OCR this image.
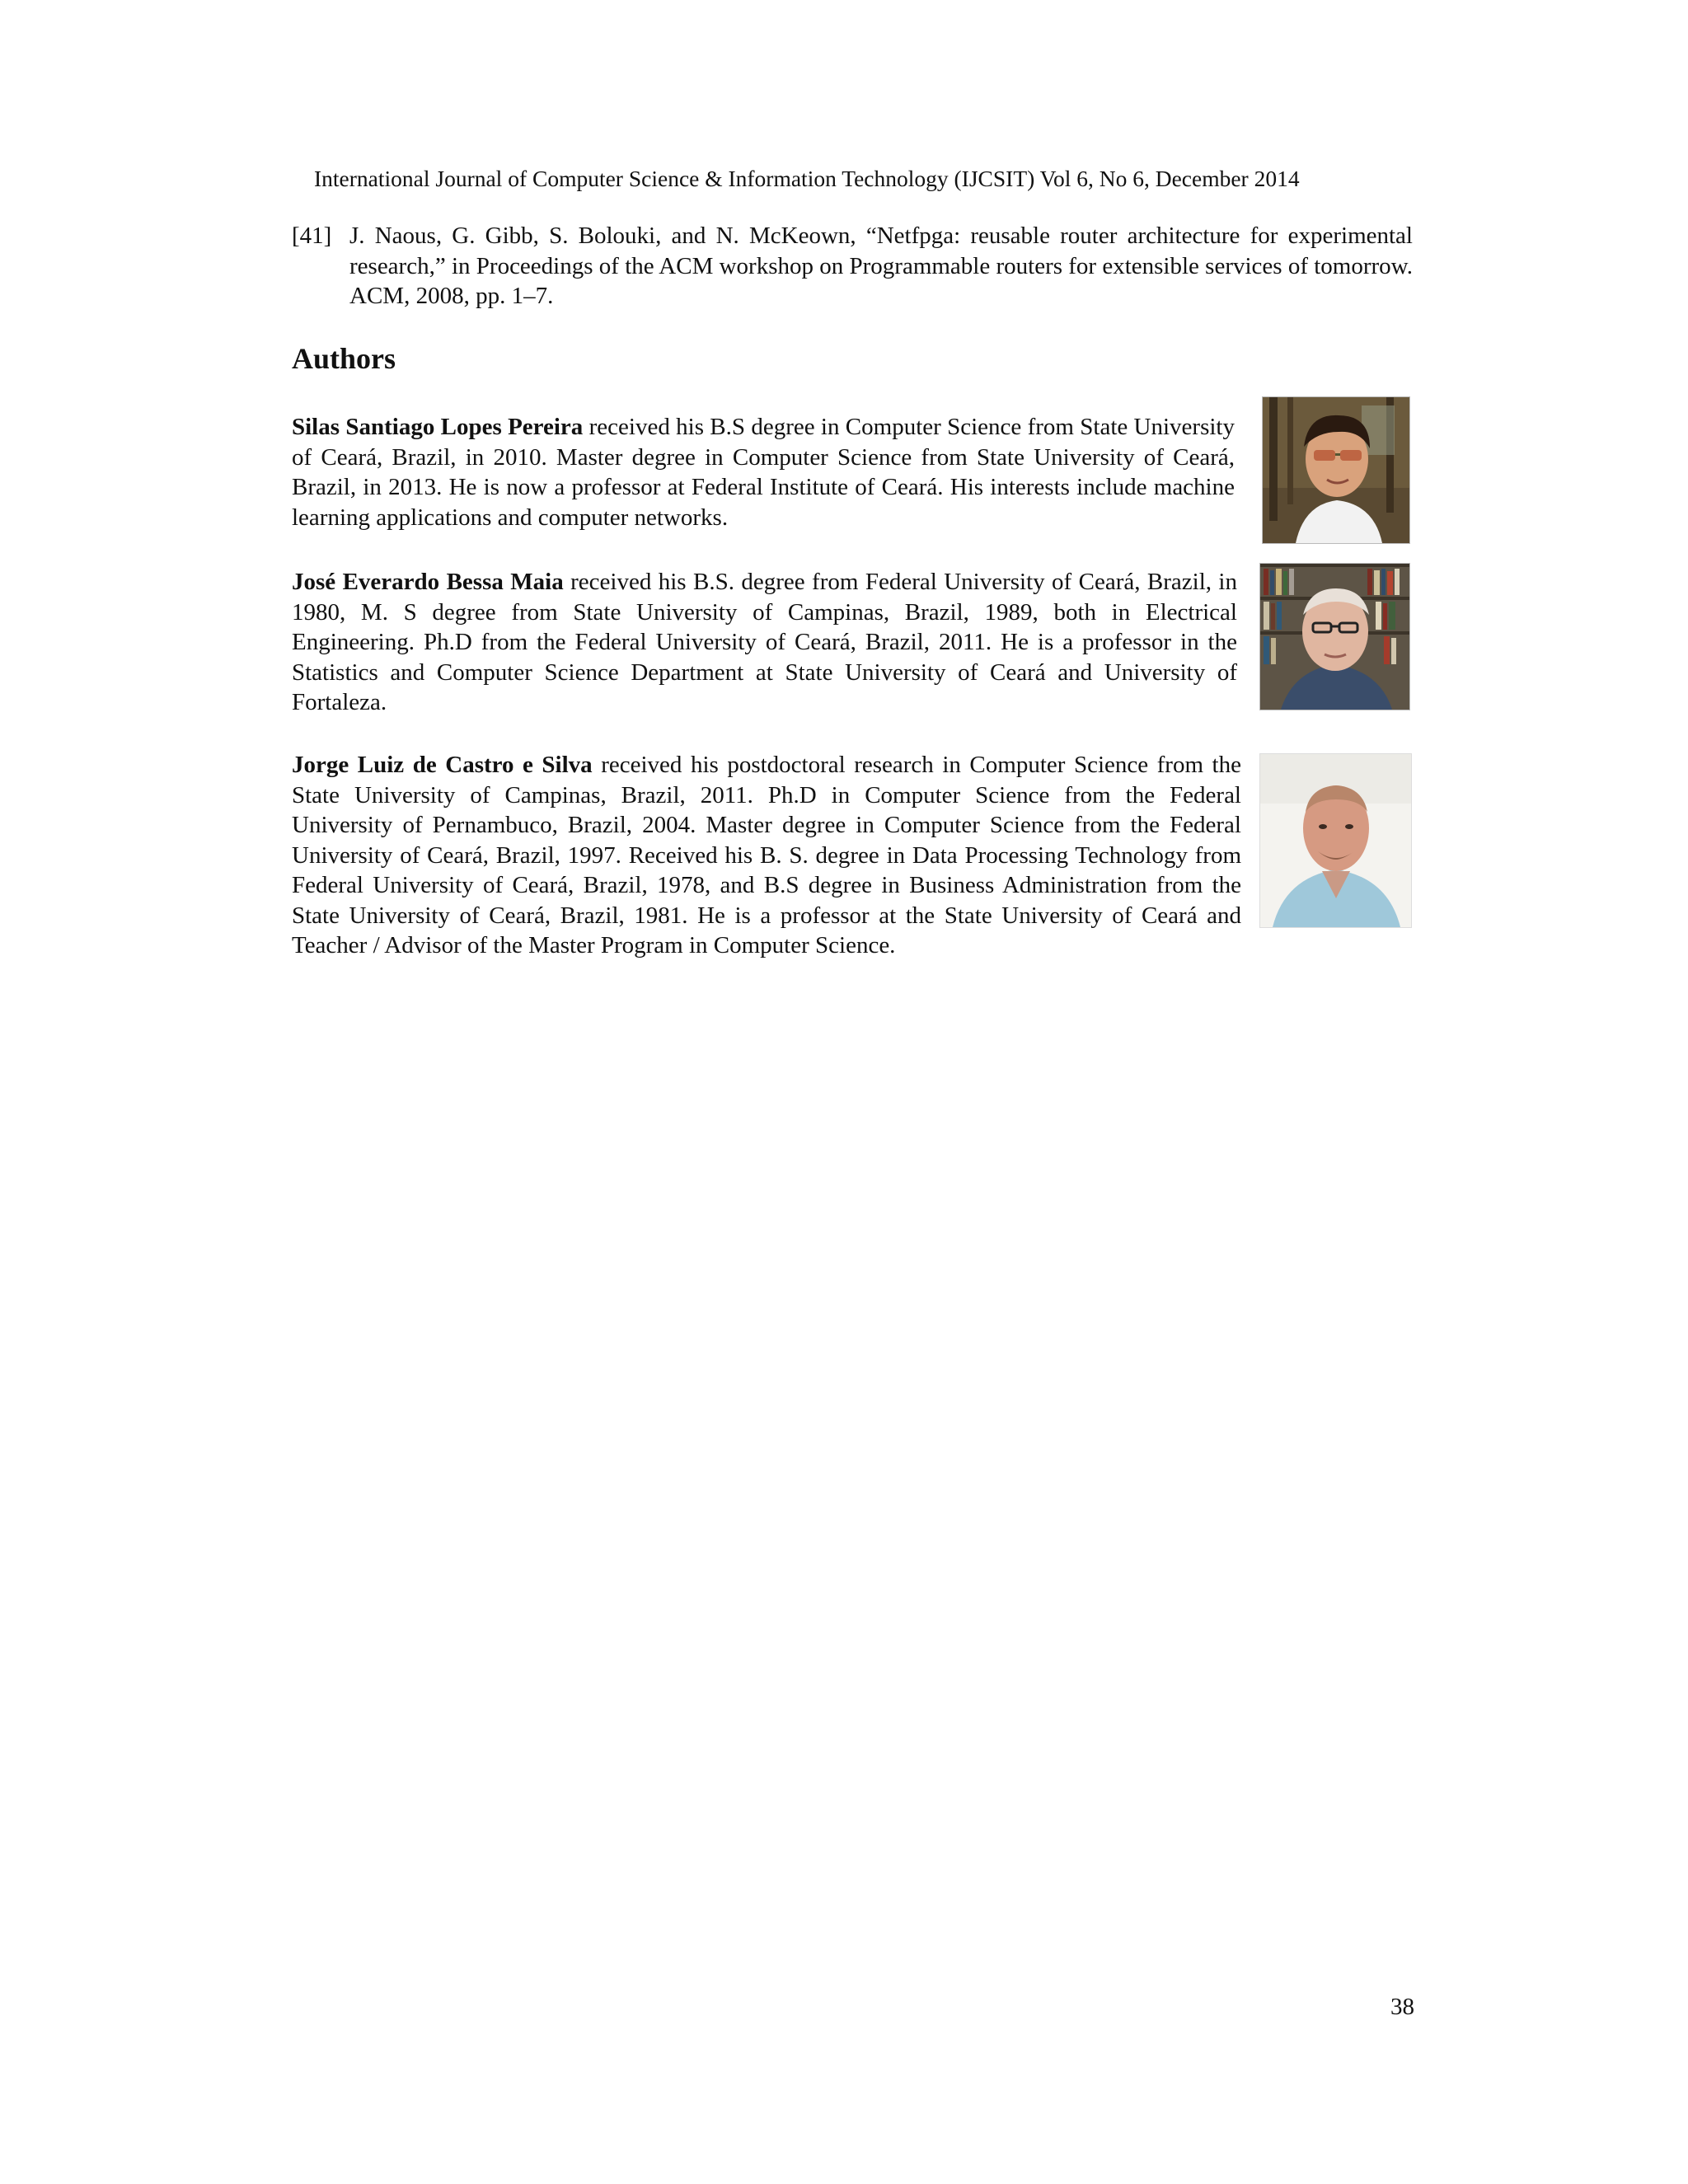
International Journal of Computer Science & Information Technology (IJCSIT) Vol 6, No 6, December 2014
[41] J. Naous, G. Gibb, S. Bolouki, and N. McKeown, “Netfpga: reusable router architecture for experimental research,” in Proceedings of the ACM workshop on Programmable routers for extensible services of tomorrow. ACM, 2008, pp. 1–7.
Authors
Silas Santiago Lopes Pereira received his B.S degree in Computer Science from State University of Ceará, Brazil, in 2010. Master degree in Computer Science from State University of Ceará, Brazil, in 2013. He is now a professor at Federal Institute of Ceará. His interests include machine learning applications and computer networks.
José Everardo Bessa Maia received his B.S. degree from Federal University of Ceará, Brazil, in 1980, M. S degree from State University of Campinas, Brazil, 1989, both in Electrical Engineering. Ph.D from the Federal University of Ceará, Brazil, 2011. He is a professor in the Statistics and Computer Science Department at State University of Ceará and University of Fortaleza.
Jorge Luiz de Castro e Silva received his postdoctoral research in Computer Science from the State University of Campinas, Brazil, 2011. Ph.D in Computer Science from the Federal University of Pernambuco, Brazil, 2004. Master degree in Computer Science from the Federal University of Ceará, Brazil, 1997. Received his B. S. degree in Data Processing Technology from Federal University of Ceará, Brazil, 1978, and B.S degree in Business Administration from the State University of Ceará, Brazil, 1981. He is a professor at the State University of Ceará and Teacher / Advisor of the Master Program in Computer Science.
38
